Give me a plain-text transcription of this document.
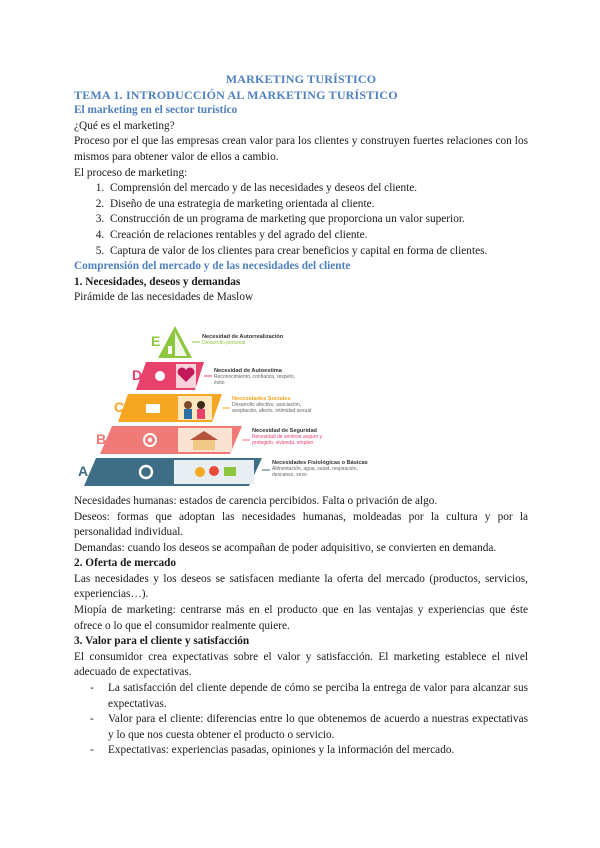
MARKETING TURÍSTICO

TEMA 1. INTRODUCCIÓN AL MARKETING TURÍSTICO

El marketing en el sector turístico

¿Qué es el marketing?

Proceso por el que las empresas crean valor para los clientes y construyen fuertes relaciones con los mismos para obtener valor de ellos a cambio.

El proceso de marketing:

1. Comprensión del mercado y de las necesidades y deseos del cliente.
2. Diseño de una estrategia de marketing orientada al cliente.
3. Construcción de un programa de marketing que proporciona un valor superior.
4. Creación de relaciones rentables y del agrado del cliente.
5. Captura de valor de los clientes para crear beneficios y capital en forma de clientes.

Comprensión del mercado y de las necesidades del cliente

1. Necesidades, deseos y demandas

Pirámide de las necesidades de Maslow

E
D
C
B
A
Necesidad de Autorrealización
Desarrollo personal
Necesidad de Autoestima
Reconocimiento, confianza, respeto, éxito
Necesidades Sociales
Desarrollo afectivo, asociación, aceptación, afecto, intimidad sexual
Necesidad de Seguridad
Necesidad de sentirse seguro y protegido, vivienda, empleo
Necesidades Fisiológicas o Básicas
Alimentación, agua, salud, respiración, descanso, sexo

Necesidades humanas: estados de carencia percibidos. Falta o privación de algo.

Deseos: formas que adoptan las necesidades humanas, moldeadas por la cultura y por la personalidad individual.

Demandas: cuando los deseos se acompañan de poder adquisitivo, se convierten en demanda.

2. Oferta de mercado

Las necesidades y los deseos se satisfacen mediante la oferta del mercado (productos, servicios, experiencias…).

Miopía de marketing: centrarse más en el producto que en las ventajas y experiencias que éste ofrece o lo que el consumidor realmente quiere.

3. Valor para el cliente y satisfacción

El consumidor crea expectativas sobre el valor y satisfacción. El marketing establece el nivel adecuado de expectativas.

- La satisfacción del cliente depende de cómo se perciba la entrega de valor para alcanzar sus expectativas.
- Valor para el cliente: diferencias entre lo que obtenemos de acuerdo a nuestras expectativas y lo que nos cuesta obtener el producto o servicio.
- Expectativas: experiencias pasadas, opiniones y la información del mercado.
